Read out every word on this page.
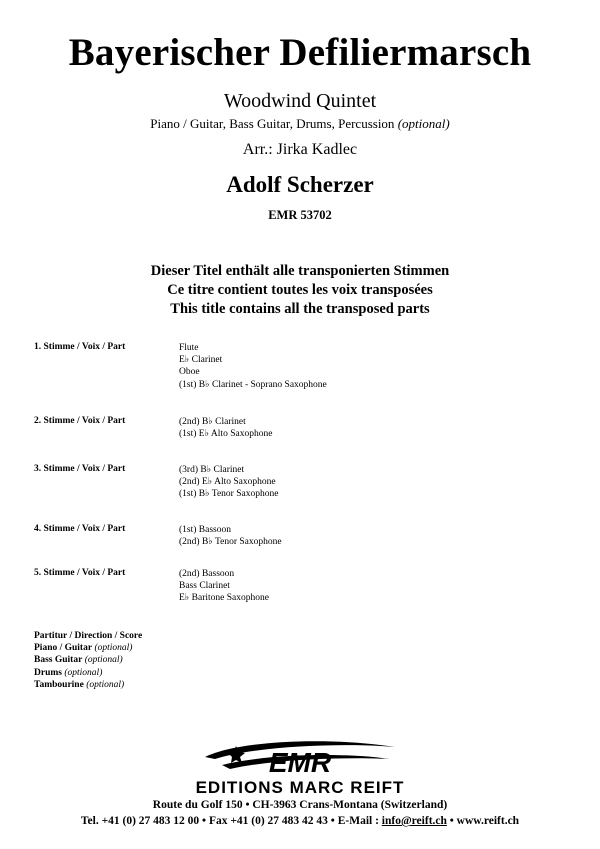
Bayerischer Defiliermarsch
Woodwind Quintet
Piano / Guitar, Bass Guitar, Drums, Percussion (optional)
Arr.: Jirka Kadlec
Adolf Scherzer
EMR 53702
Dieser Titel enthält alle transponierten Stimmen
Ce titre contient toutes les voix transposées
This title contains all the transposed parts
1. Stimme / Voix / Part	Flute
E♭ Clarinet
Oboe
(1st) B♭ Clarinet - Soprano Saxophone
2. Stimme / Voix / Part	(2nd) B♭ Clarinet
(1st) E♭ Alto Saxophone
3. Stimme / Voix / Part	(3rd) B♭ Clarinet
(2nd) E♭ Alto Saxophone
(1st) B♭ Tenor Saxophone
4. Stimme / Voix / Part	(1st) Bassoon
(2nd) B♭ Tenor Saxophone
5. Stimme / Voix / Part	(2nd) Bassoon
Bass Clarinet
E♭ Baritone Saxophone
Partitur / Direction / Score
Piano / Guitar (optional)
Bass Guitar (optional)
Drums (optional)
Tambourine (optional)
EMR
EDITIONS MARC REIFT
Route du Golf 150 • CH-3963 Crans-Montana (Switzerland)
Tel. +41 (0) 27 483 12 00 • Fax +41 (0) 27 483 42 43 • E-Mail : info@reift.ch • www.reift.ch
